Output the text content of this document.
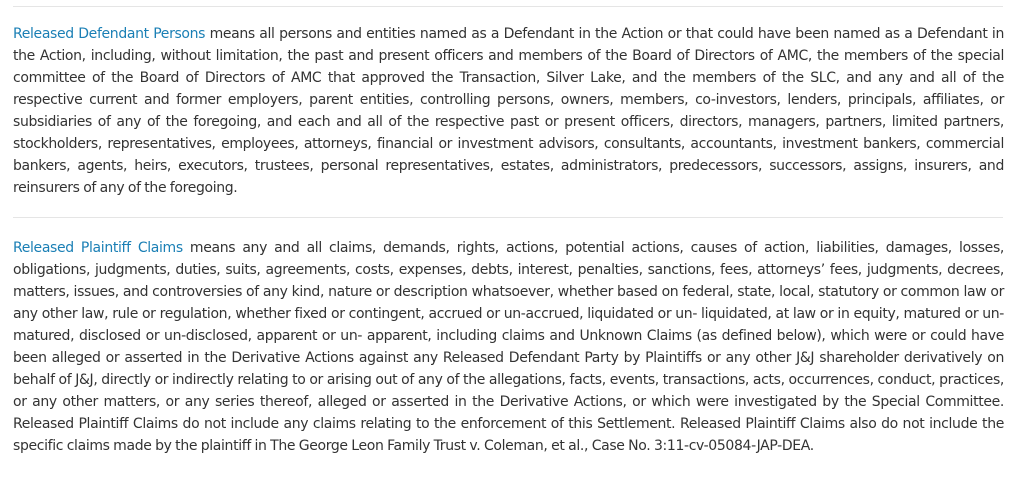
Released Defendant Persons means all persons and entities named as a Defendant in the Action or that could have been named as a Defendant in the Action, including, without limitation, the past and present officers and members of the Board of Directors of AMC, the members of the special committee of the Board of Directors of AMC that approved the Transaction, Silver Lake, and the members of the SLC, and any and all of the respective current and former employers, parent entities, controlling persons, owners, members, co-investors, lenders, principals, affiliates, or subsidiaries of any of the foregoing, and each and all of the respective past or present officers, directors, managers, partners, limited partners, stockholders, representatives, employees, attorneys, financial or investment advisors, consultants, accountants, investment bankers, commercial bankers, agents, heirs, executors, trustees, personal representatives, estates, administrators, predecessors, successors, assigns, insurers, and reinsurers of any of the foregoing.

Released Plaintiff Claims means any and all claims, demands, rights, actions, potential actions, causes of action, liabilities, damages, losses, obligations, judgments, duties, suits, agreements, costs, expenses, debts, interest, penalties, sanctions, fees, attorneys’ fees, judgments, decrees, matters, issues, and controversies of any kind, nature or description whatsoever, whether based on federal, state, local, statutory or common law or any other law, rule or regulation, whether fixed or contingent, accrued or un-accrued, liquidated or un- liquidated, at law or in equity, matured or un-matured, disclosed or un-disclosed, apparent or un- apparent, including claims and Unknown Claims (as defined below), which were or could have been alleged or asserted in the Derivative Actions against any Released Defendant Party by Plaintiffs or any other J&J shareholder derivatively on behalf of J&J, directly or indirectly relating to or arising out of any of the allegations, facts, events, transactions, acts, occurrences, conduct, practices, or any other matters, or any series thereof, alleged or asserted in the Derivative Actions, or which were investigated by the Special Committee. Released Plaintiff Claims do not include any claims relating to the enforcement of this Settlement. Released Plaintiff Claims also do not include the specific claims made by the plaintiff in The George Leon Family Trust v. Coleman, et al., Case No. 3:11-cv-05084-JAP-DEA.
